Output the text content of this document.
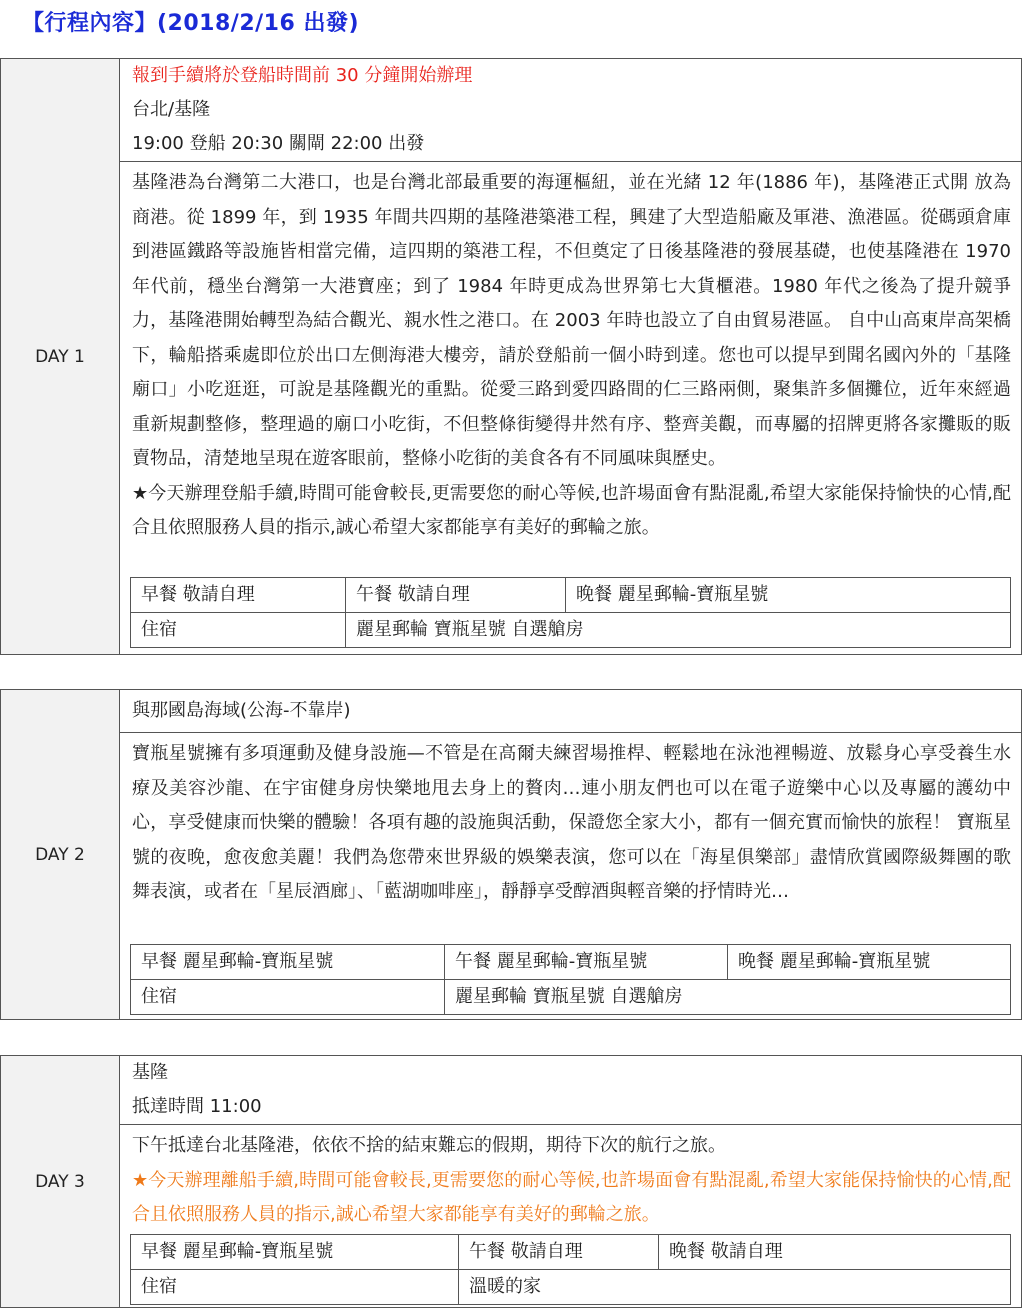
【行程內容】(2018/2/16 出發)
DAY 1
報到手續將於登船時間前 30 分鐘開始辦理
台北/基隆
19:00 登船 20:30 關閘 22:00 出發
基隆港為台灣第二大港口，也是台灣北部最重要的海運樞紐，並在光緒 12 年(1886 年)，基隆港正式開 放為商港。從 1899 年，到 1935 年間共四期的基隆港築港工程，興建了大型造船廠及軍港、漁港區。從碼頭倉庫到港區鐵路等設施皆相當完備，這四期的築港工程，不但奠定了日後基隆港的發展基礎，也使基隆港在 1970 年代前，穩坐台灣第一大港寶座；到了 1984 年時更成為世界第七大貨櫃港。1980 年代之後為了提升競爭力，基隆港開始轉型為結合觀光、親水性之港口。在 2003 年時也設立了自由貿易港區。 自中山高東岸高架橋下，輪船搭乘處即位於出口左側海港大樓旁，請於登船前一個小時到達。您也可以提早到聞名國內外的「基隆廟口」小吃逛逛，可說是基隆觀光的重點。從愛三路到愛四路間的仁三路兩側，聚集許多個攤位，近年來經過重新規劃整修，整理過的廟口小吃街，不但整條街變得井然有序、整齊美觀，而專屬的招牌更將各家攤販的販賣物品，清楚地呈現在遊客眼前，整條小吃街的美食各有不同風味與歷史。
★今天辦理登船手續,時間可能會較長,更需要您的耐心等候,也許場面會有點混亂,希望大家能保持愉快的心情,配合且依照服務人員的指示,誠心希望大家都能享有美好的郵輪之旅。
早餐 敬請自理	午餐 敬請自理	晚餐 麗星郵輪-寶瓶星號
住宿	麗星郵輪 寶瓶星號 自選艙房
DAY 2
與那國島海域(公海-不靠岸)
寶瓶星號擁有多項運動及健身設施—不管是在高爾夫練習場推桿、輕鬆地在泳池裡暢遊、放鬆身心享受養生水療及美容沙龍、在宇宙健身房快樂地甩去身上的贅肉…連小朋友們也可以在電子遊樂中心以及專屬的護幼中心，享受健康而快樂的體驗！各項有趣的設施與活動，保證您全家大小，都有一個充實而愉快的旅程！ 寶瓶星號的夜晚，愈夜愈美麗！我們為您帶來世界級的娛樂表演，您可以在「海星俱樂部」盡情欣賞國際級舞團的歌舞表演，或者在「星辰酒廊」、「藍湖咖啡座」，靜靜享受醇酒與輕音樂的抒情時光…
早餐 麗星郵輪-寶瓶星號	午餐 麗星郵輪-寶瓶星號	晚餐 麗星郵輪-寶瓶星號
住宿	麗星郵輪 寶瓶星號 自選艙房
DAY 3
基隆
抵達時間 11:00
下午抵達台北基隆港，依依不捨的結束難忘的假期，期待下次的航行之旅。
★今天辦理離船手續,時間可能會較長,更需要您的耐心等候,也許場面會有點混亂,希望大家能保持愉快的心情,配合且依照服務人員的指示,誠心希望大家都能享有美好的郵輪之旅。
早餐 麗星郵輪-寶瓶星號	午餐 敬請自理	晚餐 敬請自理
住宿	溫暖的家
